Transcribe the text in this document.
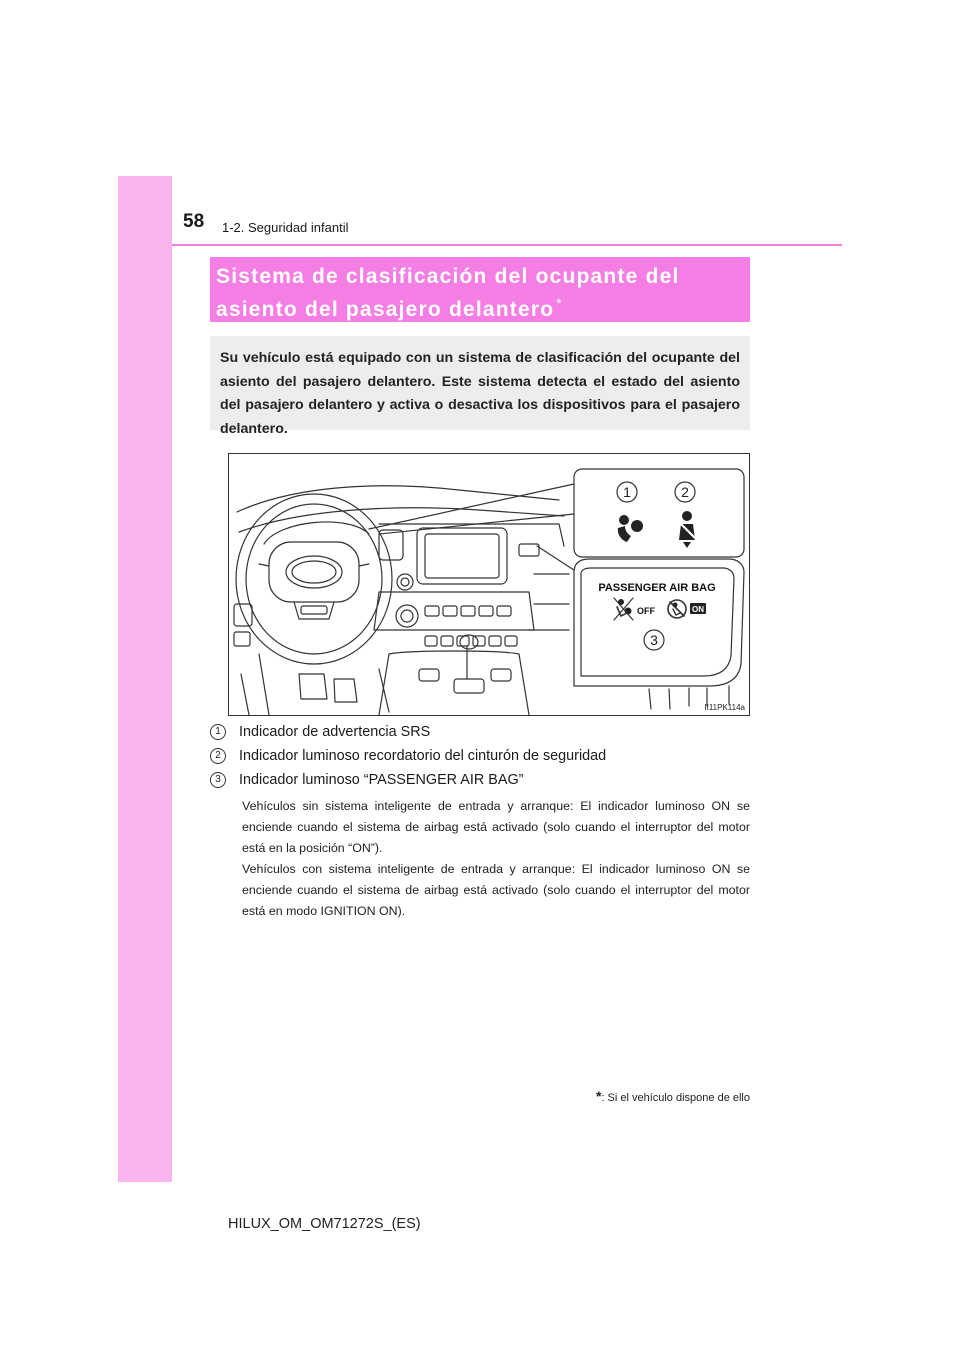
58 1-2. Seguridad infantil
Sistema de clasificación del ocupante del
asiento del pasajero delantero *

Su vehículo está equipado con un sistema de clasificación del ocupante del asiento del pasajero delantero. Este sistema detecta el estado del asiento del pasajero delantero y activa o desactiva los dispositivos para el pasajero delantero.

1	2
3
PASSENGER AIR BAG
OFF	ON
II11PK114a
1 Indicador de advertencia SRS
2 Indicador luminoso recordatorio del cinturón de seguridad
3 Indicador luminoso “PASSENGER AIR BAG”

Vehículos sin sistema inteligente de entrada y arranque: El indicador luminoso ON se enciende cuando el sistema de airbag está activado (solo cuando el interruptor del motor está en la posición “ON”).

Vehículos con sistema inteligente de entrada y arranque: El indicador luminoso ON se enciende cuando el sistema de airbag está activado (solo cuando el interruptor del motor está en modo IGNITION ON).

*: Si el vehículo dispone de ello
HILUX_OM_OM71272S_(ES)
